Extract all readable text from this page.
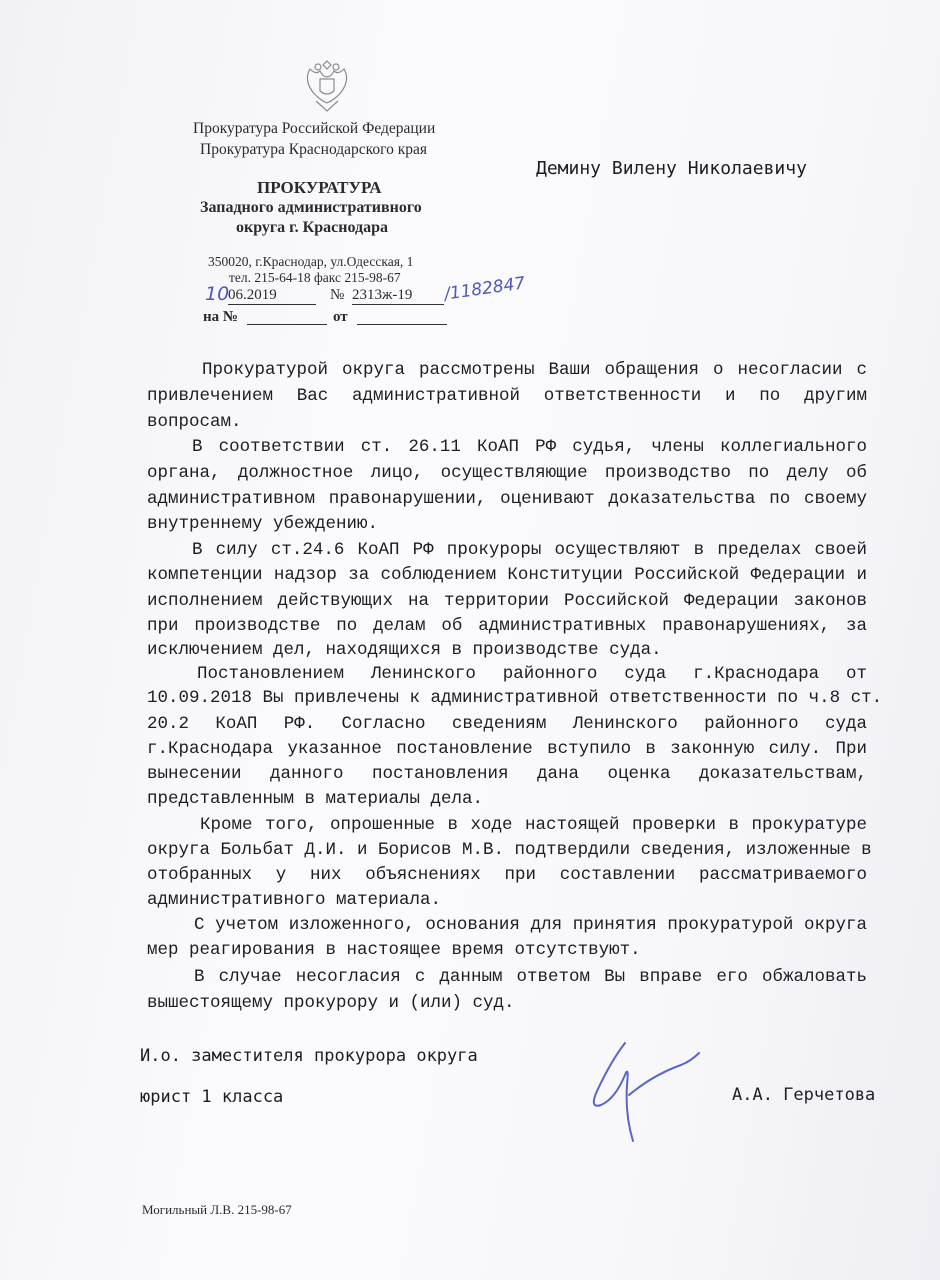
Прокуратура Российской Федерации
Прокуратура Краснодарского края
ПРОКУРАТУРА
Западного административного
округа г. Краснодара
350020, г.Краснодар, ул.Одесская, 1
тел. 215-64-18 факс 215-98-67
10
06.2019	№ 2313ж-19	/1182847
на №	от
Демину Вилену Николаевичу
Прокуратурой округа рассмотрены Ваши обращения о несогласии с
привлечением Вас административной ответственности и по другим
вопросам.
В соответствии ст. 26.11 КоАП РФ судья, члены коллегиального
органа, должностное лицо, осуществляющие производство по делу об
административном правонарушении, оценивают доказательства по своему
внутреннему убеждению.
В силу ст.24.6 КоАП РФ прокуроры осуществляют в пределах своей
компетенции надзор за соблюдением Конституции Российской Федерации и
исполнением действующих на территории Российской Федерации законов
при производстве по делам об административных правонарушениях, за
исключением дел, находящихся в производстве суда.
Постановлением Ленинского районного суда г.Краснодара от
10.09.2018 Вы привлечены к административной ответственности по ч.8 ст.
20.2 КоАП РФ. Согласно сведениям Ленинского районного суда
г.Краснодара указанное постановление вступило в законную силу. При
вынесении данного постановления дана оценка доказательствам,
представленным в материалы дела.
Кроме того, опрошенные в ходе настоящей проверки в прокуратуре
округа Больбат Д.И. и Борисов М.В. подтвердили сведения, изложенные в
отобранных у них объяснениях при составлении рассматриваемого
административного материала.
С учетом изложенного, основания для принятия прокуратурой округа
мер реагирования в настоящее время отсутствуют.
В случае несогласия с данным ответом Вы вправе его обжаловать
вышестоящему прокурору и (или) суд.
И.о. заместителя прокурора округа
юрист 1 класса	А.А. Герчетова
Могильный Л.В. 215-98-67
